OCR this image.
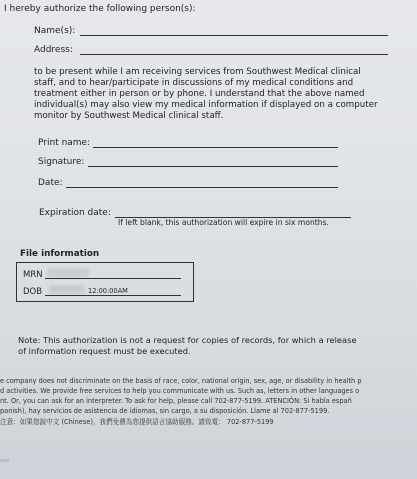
I hereby authorize the following person(s):
Name(s):
Address:
to be present while I am receiving services from Southwest Medical clinical
staff, and to hear/participate in discussions of my medical conditions and
treatment either in person or by phone. I understand that the above named
individual(s) may also view my medical information if displayed on a computer
monitor by Southwest Medical clinical staff.
Print name:
Signature:
Date:
Expiration date:
If left blank, this authorization will expire in six months.
File information
MRN
DOB	12:00:00AM
Note: This authorization is not a request for copies of records, for which a release
of information request must be executed.
e company does not discriminate on the basis of race, color, national origin, sex, age, or disability in health p
d activities. We provide free services to help you communicate with us. Such as, letters in other languages o
nt. Or, you can ask for an interpreter. To ask for help, please call 702-877-5199. ATENCIÓN: Si habla españ
panish), hay servicios de asistencia de idiomas, sin cargo, a su disposición. Llame al 702-877-5199.
注意：如果您說中文 (Chinese)，我們免費為您提供語言協助服務。請致電： 702-877-5199
rmm
